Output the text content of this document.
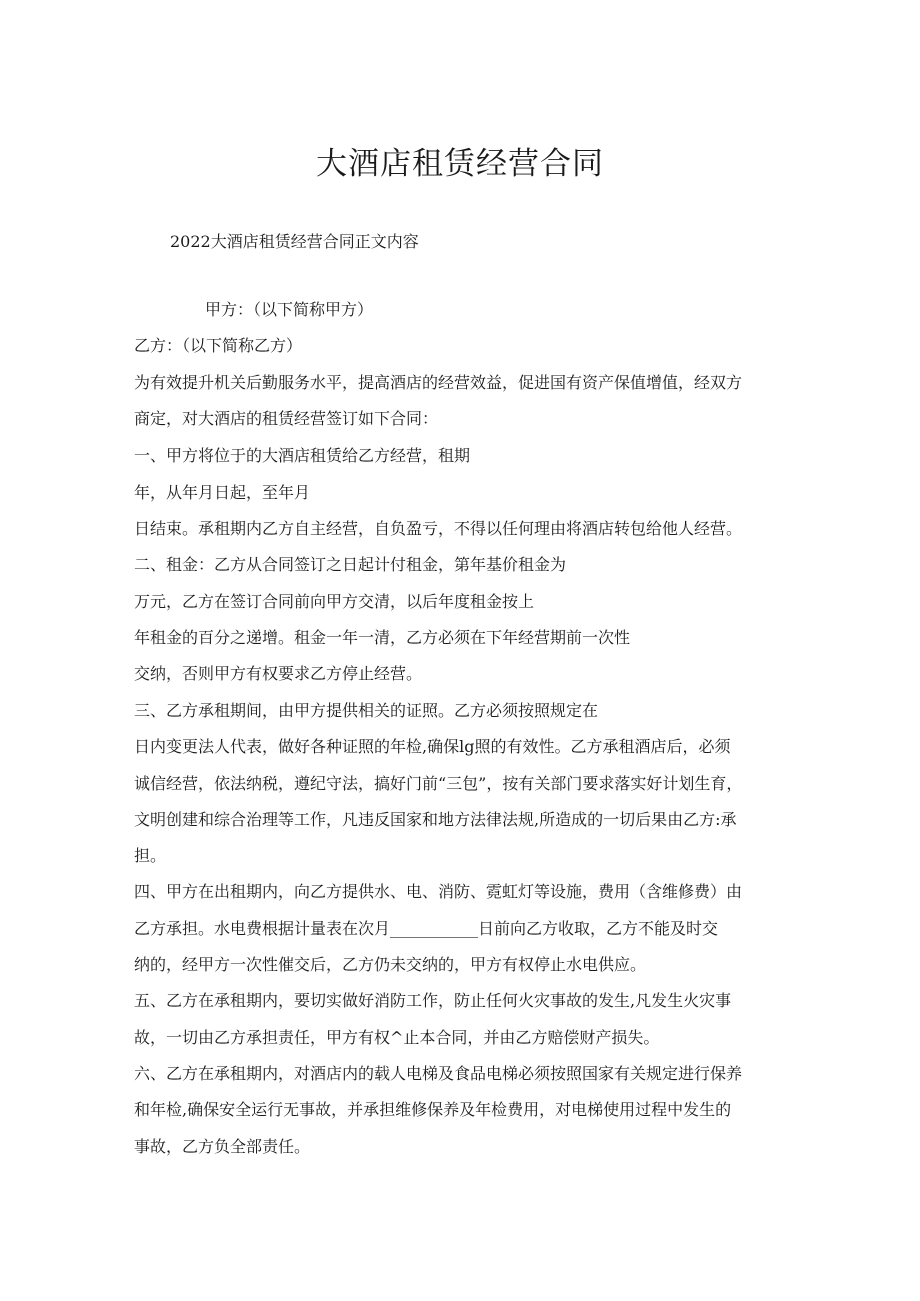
大酒店租赁经营合同
2022大酒店租赁经营合同正文内容
甲方：（以下简称甲方）
乙方：（以下简称乙方）
为有效提升机关后勤服务水平，提高酒店的经营效益，促进国有资产保值增值，经双方
商定，对大酒店的租赁经营签订如下合同：
一、甲方将位于的大酒店租赁给乙方经营，租期
年，从年月日起，至年月
日结束。承租期内乙方自主经营，自负盈亏，不得以任何理由将酒店转包给他人经营。
二、租金：乙方从合同签订之日起计付租金，第年基价租金为
万元，乙方在签订合同前向甲方交清，以后年度租金按上
年租金的百分之递增。租金一年一清，乙方必须在下年经营期前一次性
交纳，否则甲方有权要求乙方停止经营。
三、乙方承租期间，由甲方提供相关的证照。乙方必须按照规定在
日内变更法人代表，做好各种证照的年检,确保lg照的有效性。乙方承租酒店后，必须
诚信经营，依法纳税，遵纪守法，搞好门前“三包”，按有关部门要求落实好计划生育，
文明创建和综合治理等工作，凡违反国家和地方法律法规,所造成的一切后果由乙方:承
担。
四、甲方在出租期内，向乙方提供水、电、消防、霓虹灯等设施，费用（含维修费）由
乙方承担。水电费根据计量表在次月___________日前向乙方收取，乙方不能及时交
纳的，经甲方一次性催交后，乙方仍未交纳的，甲方有权停止水电供应。
五、乙方在承租期内，要切实做好消防工作，防止任何火灾事故的发生,凡发生火灾事
故，一切由乙方承担责任，甲方有权^止本合同，并由乙方赔偿财产损失。
六、乙方在承租期内，对酒店内的载人电梯及食品电梯必须按照国家有关规定进行保养
和年检,确保安全运行无事故，并承担维修保养及年检费用，对电梯使用过程中发生的
事故，乙方负全部责任。
